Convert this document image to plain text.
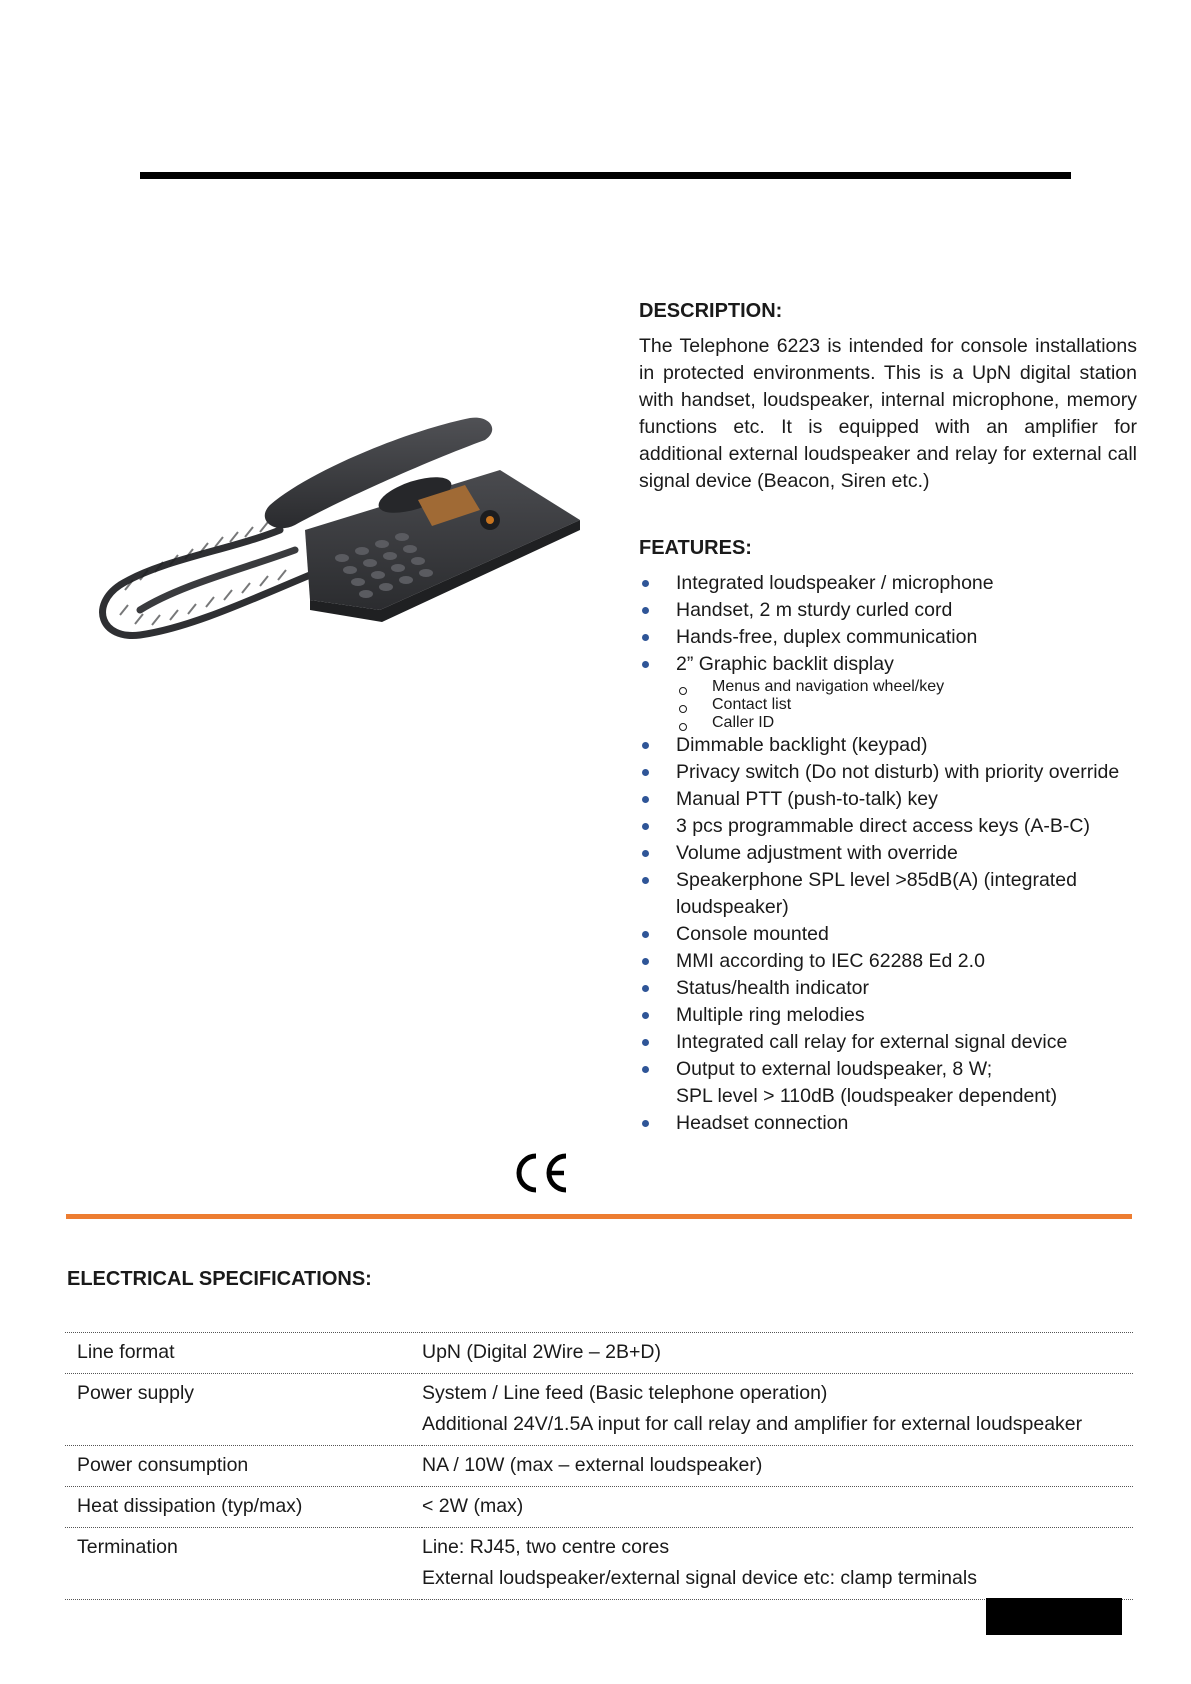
DESCRIPTION:

The Telephone 6223 is intended for console installations in protected environments. This is a UpN digital station with handset, loudspeaker, internal microphone, memory functions etc. It is equipped with an amplifier for additional external loudspeaker and relay for external call signal device (Beacon, Siren etc.)

FEATURES:
Integrated loudspeaker / microphone
Handset, 2 m sturdy curled cord
Hands-free, duplex communication
2” Graphic backlit display
Menus and navigation wheel/key
Contact list
Caller ID
Dimmable backlight (keypad)
Privacy switch (Do not disturb) with priority override
Manual PTT (push-to-talk) key
3 pcs programmable direct access keys (A-B-C)
Volume adjustment with override
Speakerphone SPL level >85dB(A) (integrated loudspeaker)
Console mounted
MMI according to IEC 62288 Ed 2.0
Status/health indicator
Multiple ring melodies
Integrated call relay for external signal device
Output to external loudspeaker, 8 W;
SPL level > 110dB (loudspeaker dependent)
Headset connection
ELECTRICAL SPECIFICATIONS:
Line format	UpN (Digital 2Wire – 2B+D)

Power supply	System / Line feed (Basic telephone operation)
Additional 24V/1.5A input for call relay and amplifier for external loudspeaker

Power consumption	NA / 10W (max – external loudspeaker)

Heat dissipation (typ/max)	< 2W (max)

Termination	Line: RJ45, two centre cores
External loudspeaker/external signal device etc: clamp terminals
